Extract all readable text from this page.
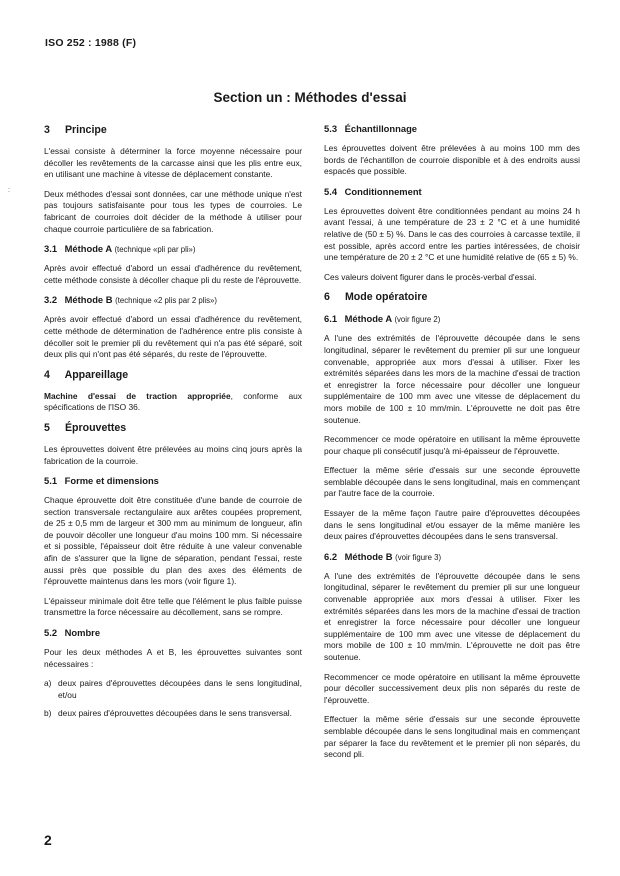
ISO 252 : 1988 (F)
:
Section un : Méthodes d'essai
3 Principe

L'essai consiste à déterminer la force moyenne nécessaire pour décoller les revêtements de la carcasse ainsi que les plis entre eux, en utilisant une machine à vitesse de déplacement constante.

Deux méthodes d'essai sont données, car une méthode unique n'est pas toujours satisfaisante pour tous les types de courroies. Le fabricant de courroies doit décider de la méthode à utiliser pour chaque courroie particulière de sa fabrication.

3.1 Méthode A (technique «pli par pli»)

Après avoir effectué d'abord un essai d'adhérence du revêtement, cette méthode consiste à décoller chaque pli du reste de l'éprouvette.

3.2 Méthode B (technique «2 plis par 2 plis»)

Après avoir effectué d'abord un essai d'adhérence du revêtement, cette méthode de détermination de l'adhérence entre plis consiste à décoller soit le premier pli du revêtement qui n'a pas été séparé, soit deux plis qui n'ont pas été séparés, du reste de l'éprouvette.

4 Appareillage

Machine d'essai de traction appropriée, conforme aux spécifications de l'ISO 36.

5 Éprouvettes

Les éprouvettes doivent être prélevées au moins cinq jours après la fabrication de la courroie.

5.1 Forme et dimensions

Chaque éprouvette doit être constituée d'une bande de courroie de section transversale rectangulaire aux arêtes coupées proprement, de 25 ± 0,5 mm de largeur et 300 mm au minimum de longueur, afin de pouvoir décoller une longueur d'au moins 100 mm. Si nécessaire et si possible, l'épaisseur doit être réduite à une valeur convenable afin de s'assurer que la ligne de séparation, pendant l'essai, reste aussi près que possible du plan des axes des éléments de l'éprouvette maintenus dans les mors (voir figure 1).

L'épaisseur minimale doit être telle que l'élément le plus faible puisse transmettre la force nécessaire au décollement, sans se rompre.

5.2 Nombre

Pour les deux méthodes A et B, les éprouvettes suivantes sont nécessaires :

a) deux paires d'éprouvettes découpées dans le sens longitudinal, et/ou
b) deux paires d'éprouvettes découpées dans le sens transversal.
5.3 Échantillonnage

Les éprouvettes doivent être prélevées à au moins 100 mm des bords de l'échantillon de courroie disponible et à des endroits aussi espacés que possible.

5.4 Conditionnement

Les éprouvettes doivent être conditionnées pendant au moins 24 h avant l'essai, à une température de 23 ± 2 °C et à une humidité relative de (50 ± 5) %. Dans le cas des courroies à carcasse textile, il est possible, après accord entre les parties intéressées, de choisir une température de 20 ± 2 °C et une humidité relative de (65 ± 5) %.

Ces valeurs doivent figurer dans le procès-verbal d'essai.

6 Mode opératoire
6.1 Méthode A (voir figure 2)

A l'une des extrémités de l'éprouvette découpée dans le sens longitudinal, séparer le revêtement du premier pli sur une longueur convenable, appropriée aux mors d'essai à utiliser. Fixer les extrémités séparées dans les mors de la machine d'essai de traction et enregistrer la force nécessaire pour décoller une longueur supplémentaire de 100 mm avec une vitesse de déplacement du mors mobile de 100 ± 10 mm/min. L'éprouvette ne doit pas être soutenue.

Recommencer ce mode opératoire en utilisant la même éprouvette pour chaque pli consécutif jusqu'à mi-épaisseur de l'éprouvette.

Effectuer la même série d'essais sur une seconde éprouvette semblable découpée dans le sens longitudinal, mais en commençant par l'autre face de la courroie.

Essayer de la même façon l'autre paire d'éprouvettes découpées dans le sens longitudinal et/ou essayer de la même manière les deux paires d'éprouvettes découpées dans le sens transversal.

6.2 Méthode B (voir figure 3)

A l'une des extrémités de l'éprouvette découpée dans le sens longitudinal, séparer le revêtement du premier pli sur une longueur convenable appropriée aux mors d'essai à utiliser. Fixer les extrémités séparées dans les mors de la machine d'essai de traction et enregistrer la force nécessaire pour décoller une longueur supplémentaire de 100 mm avec une vitesse de déplacement du mors mobile de 100 ± 10 mm/min. L'éprouvette ne doit pas être soutenue.

Recommencer ce mode opératoire en utilisant la même éprouvette pour décoller successivement deux plis non séparés du reste de l'éprouvette.

Effectuer la même série d'essais sur une seconde éprouvette semblable découpée dans le sens longitudinal mais en commençant par séparer la face du revêtement et le premier pli non séparés, du second pli.

2
